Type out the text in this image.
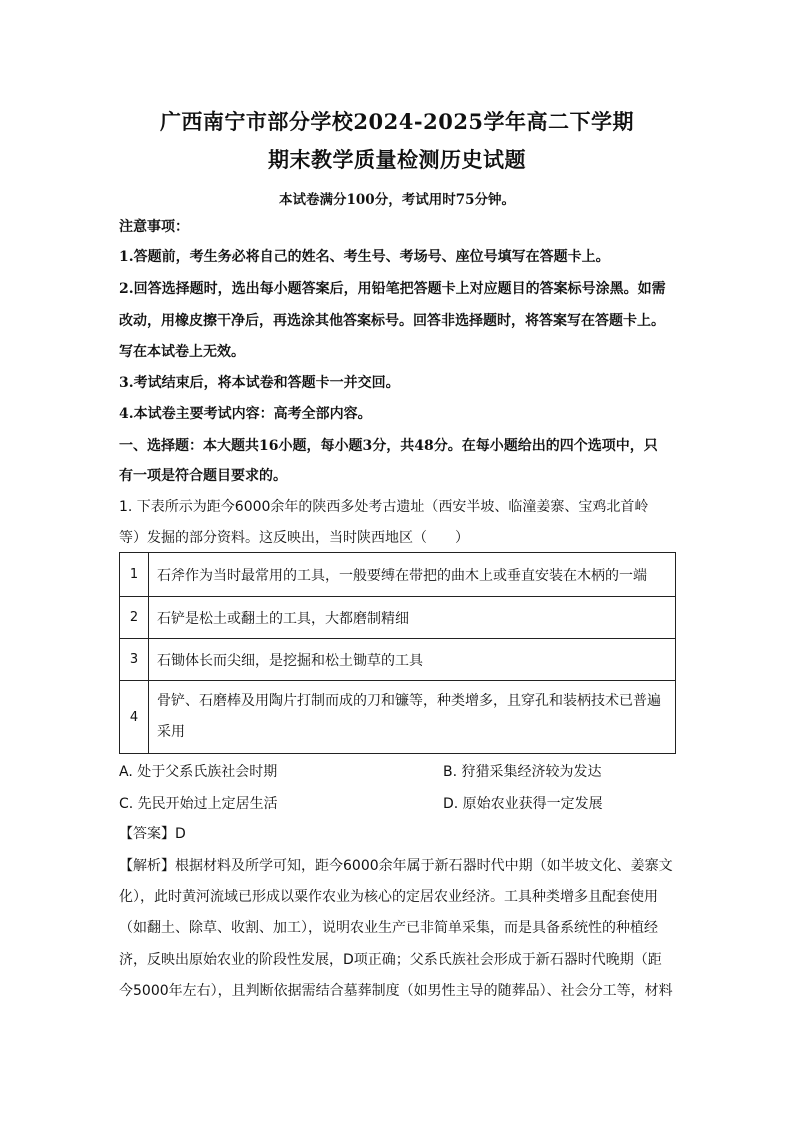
广西南宁市部分学校2024-2025学年高二下学期
期末教学质量检测历史试题
本试卷满分100分，考试用时75分钟。
注意事项：
1.答题前，考生务必将自己的姓名、考生号、考场号、座位号填写在答题卡上。
2.回答选择题时，选出每小题答案后，用铅笔把答题卡上对应题目的答案标号涂黑。如需
改动，用橡皮擦干净后，再选涂其他答案标号。回答非选择题时，将答案写在答题卡上。
写在本试卷上无效。
3.考试结束后，将本试卷和答题卡一并交回。
4.本试卷主要考试内容：高考全部内容。
一、选择题：本大题共16小题，每小题3分，共48分。在每小题给出的四个选项中，只
有一项是符合题目要求的。
1. 下表所示为距今6000余年的陕西多处考古遗址（西安半坡、临潼姜寨、宝鸡北首岭
等）发掘的部分资料。这反映出，当时陕西地区（　　）
1	石斧作为当时最常用的工具，一般要缚在带把的曲木上或垂直安装在木柄的一端
2	石铲是松土或翻土的工具，大都磨制精细
3	石锄体长而尖细，是挖掘和松土锄草的工具
4	骨铲、石磨棒及用陶片打制而成的刀和镰等，种类增多，且穿孔和装柄技术已普遍
采用
A. 处于父系氏族社会时期	B. 狩猎采集经济较为发达
C. 先民开始过上定居生活	D. 原始农业获得一定发展
【答案】D
【解析】根据材料及所学可知，距今6000余年属于新石器时代中期（如半坡文化、姜寨文
化），此时黄河流域已形成以粟作农业为核心的定居农业经济。工具种类增多且配套使用
（如翻土、除草、收割、加工），说明农业生产已非简单采集，而是具备系统性的种植经
济，反映出原始农业的阶段性发展，D项正确；父系氏族社会形成于新石器时代晚期（距
今5000年左右），且判断依据需结合墓葬制度（如男性主导的随葬品）、社会分工等，材料
